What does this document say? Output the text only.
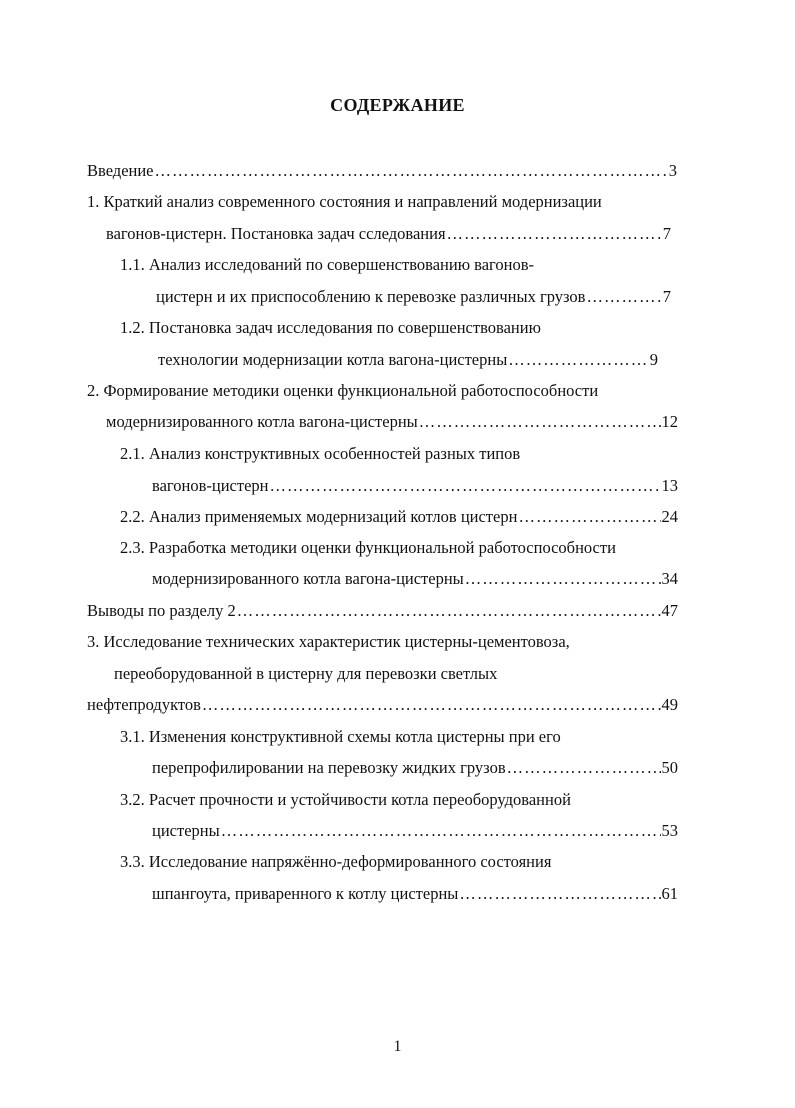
СОДЕРЖАНИЕ
Введение ………………………………………………………………………………………………………………………………………………………………………………………………………………	3
1. Краткий анализ современного состояния и направлений модернизации
вагонов-цистерн. Постановка задач сследования ………………………………………………………………………………………………………………………………………………………………………………………………………………	7
1.1. Анализ исследований по совершенствованию вагонов-
цистерн и их приспособлению к перевозке различных грузов ………………………………………………………………………………………………………………………………………………………………………………………………………………	7
1.2. Постановка задач исследования по совершенствованию
технологии модернизации котла вагона-цистерны ………………………………………………………………………………………………………………………………………………………………………………………………………………	9
2. Формирование методики оценки функциональной работоспособности
модернизированного котла вагона-цистерны ………………………………………………………………………………………………………………………………………………………………………………………………………………	12
2.1. Анализ конструктивных особенностей разных типов
вагонов-цистерн ………………………………………………………………………………………………………………………………………………………………………………………………………………	13
2.2. Анализ применяемых модернизаций котлов цистерн ………………………………………………………………………………………………………………………………………………………………………………………………………………	24
2.3. Разработка методики оценки функциональной работоспособности
модернизированного котла вагона-цистерны ………………………………………………………………………………………………………………………………………………………………………………………………………………	34
Выводы по разделу 2 ………………………………………………………………………………………………………………………………………………………………………………………………………………	47
3. Исследование технических характеристик цистерны-цементовоза,
переоборудованной в цистерну для перевозки светлых
нефтепродуктов ………………………………………………………………………………………………………………………………………………………………………………………………………………	49
3.1. Изменения конструктивной схемы котла цистерны при его
перепрофилировании на перевозку жидких грузов ………………………………………………………………………………………………………………………………………………………………………………………………………………	50
3.2. Расчет прочности и устойчивости котла переоборудованной
цистерны ………………………………………………………………………………………………………………………………………………………………………………………………………………	53
3.3. Исследование напряжённо-деформированного состояния
шпангоута, приваренного к котлу цистерны ………………………………………………………………………………………………………………………………………………………………………………………………………………	61
1
